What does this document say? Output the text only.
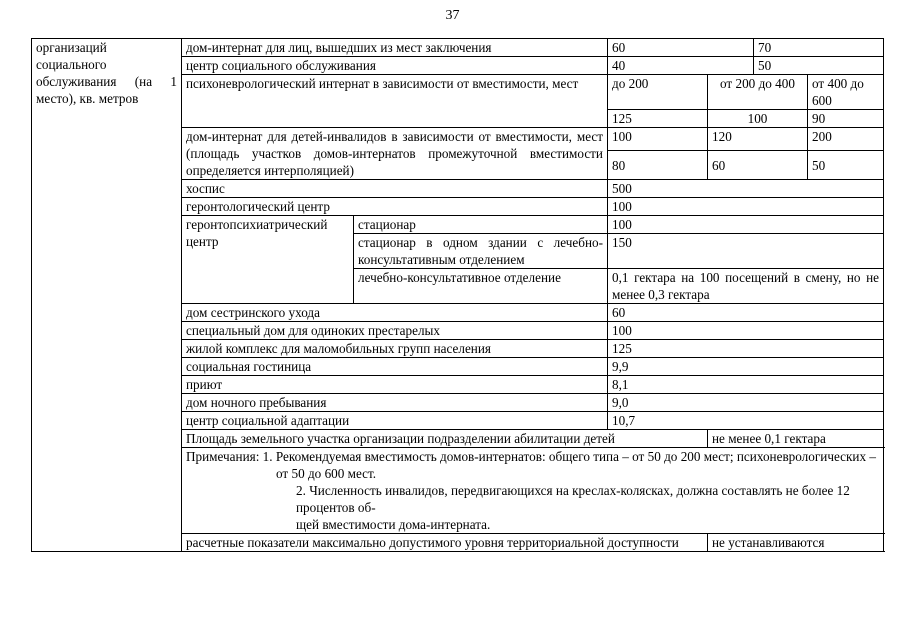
37
организаций социального обслуживания (на 1 место), кв. метров	дом-интернат для лиц, вышедших из мест заключения		60		70	
	центр социального обслуживания		40		50	
	психоневрологический интернат в зависимости от вместимости, мест		до 200	от 200 до 400		от 400 до 600
			125	100		90
	дом-интернат для детей-инвалидов в зависимости от вместимости, мест (площадь участков домов-интернатов промежуточной вместимости определяется интерполяцией)		100	120		200
			80	60		50
	хоспис		500			
	геронтологический центр		100			
	геронтопсихиатрический центр	стационар	100			
		стационар в одном здании с лечебно-консультативным отделением	150			
		лечебно-консультативное отделение	0,1 гектара на 100 посещений в смену, но не менее 0,3 гектара			
	дом сестринского ухода		60			
	специальный дом для одиноких престарелых		100			
	жилой комплекс для маломобильных групп населения		125			
	социальная гостиница		9,9			
	приют		8,1			
	дом ночного пребывания		9,0			
	центр социальной адаптации		10,7			
	Площадь земельного участка организации подразделении абилитации детей			не менее 0,1 гектара		

	Примечания: 1. Рекомендуемая вместимость домов-интернатов: общего типа – от 50 до 200 мест; психоневрологических –
от 50 до 600 мест.
2. Численность инвалидов, передвигающихся на креслах-колясках, должна составлять не более 12 процентов об-
щей вместимости дома-интерната.					

	расчетные показатели максимально допустимого уровня территориальной доступности			не устанавливаются		
